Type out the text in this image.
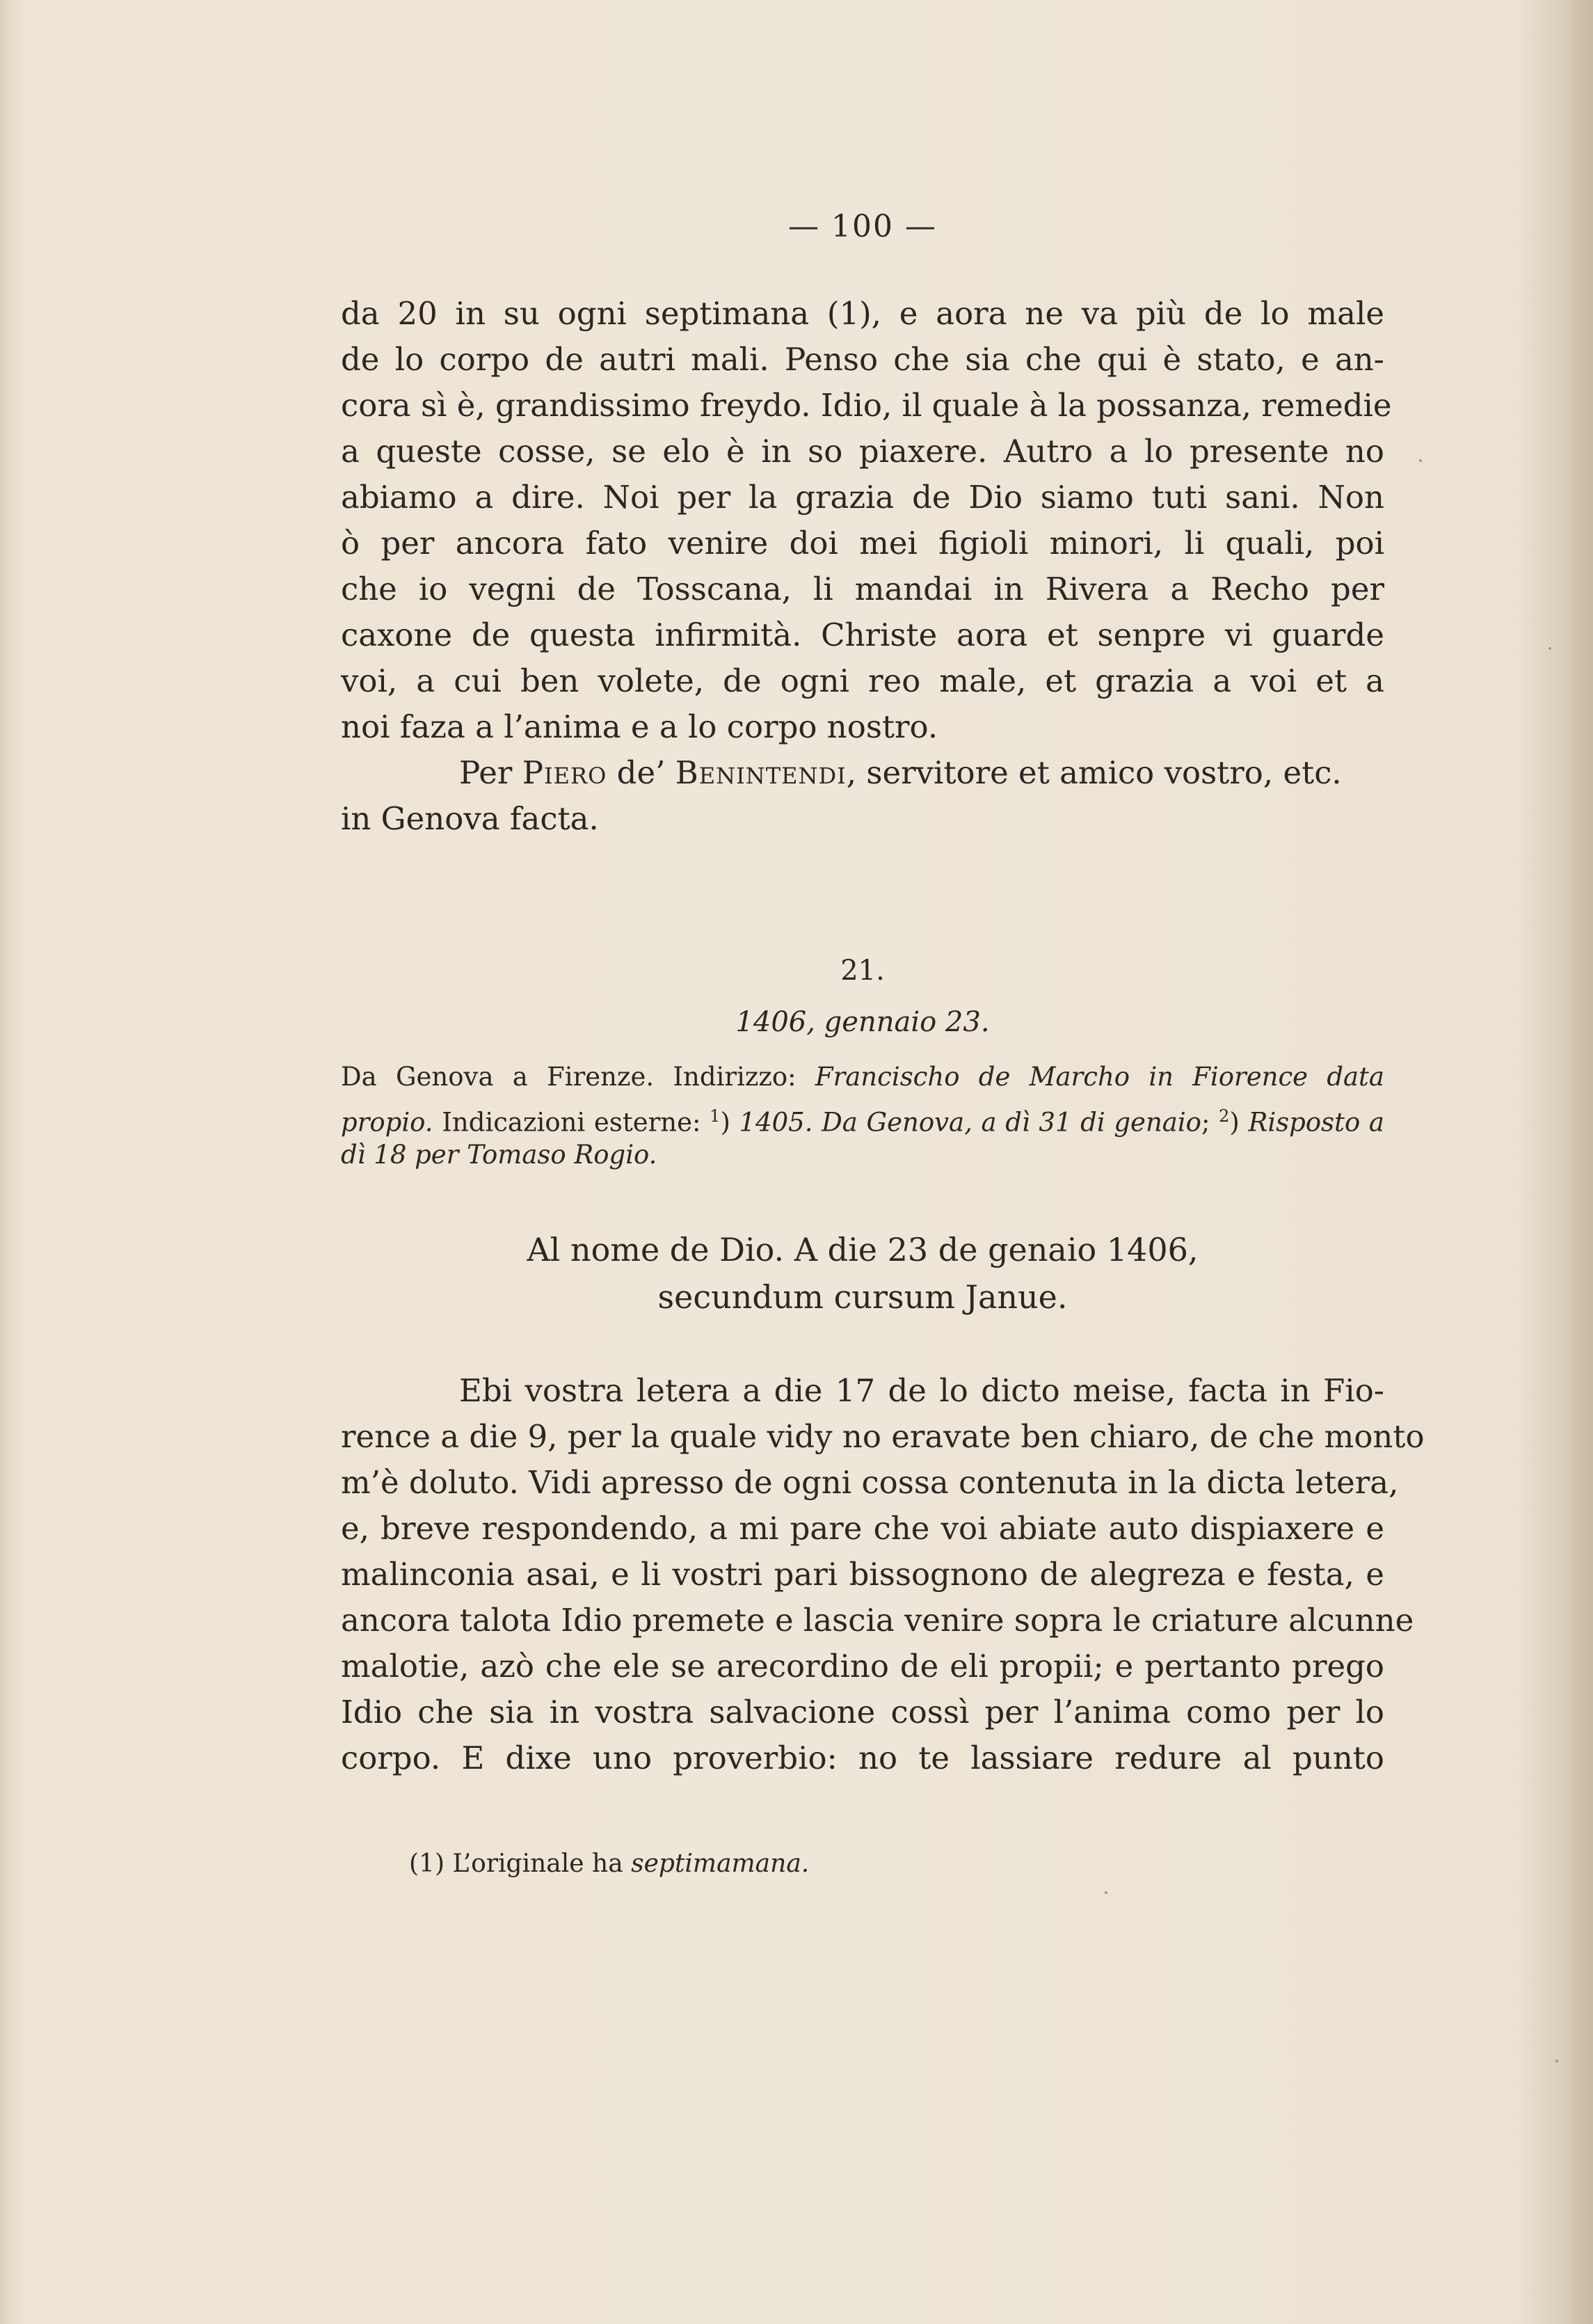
— 100 —
da 20 in su ogni septimana (1), e aora ne va più de lo male
de lo corpo de autri mali. Penso che sia che qui è stato, e an-
cora sì è, grandissimo freydo. Idio, il quale à la possanza, remedie
a queste cosse, se elo è in so piaxere. Autro a lo presente no
abiamo a dire. Noi per la grazia de Dio siamo tuti sani. Non
ò per ancora fato venire doi mei figioli minori, li quali, poi
che io vegni de Tosscana, li mandai in Rivera a Recho per
caxone de questa infirmità. Christe aora et senpre vi guarde
voi, a cui ben volete, de ogni reo male, et grazia a voi et a
noi faza a l’anima e a lo corpo nostro.
Per Piero de’ Benintendi, servitore et amico vostro, etc.
in Genova facta.
21.
1406, gennaio 23.
Da Genova a Firenze. Indirizzo: Francischo de Marcho in Fiorence data
propio. Indicazioni esterne: $^1$) 1405. Da Genova, a dì 31 di genaio; $^2$) Risposto a
dì 18 per Tomaso Rogio.
Al nome de Dio. A die 23 de genaio 1406,
secundum cursum Janue.
Ebi vostra letera a die 17 de lo dicto meise, facta in Fio-
rence a die 9, per la quale vidy no eravate ben chiaro, de che monto
m’è doluto. Vidi apresso de ogni cossa contenuta in la dicta letera,
e, breve respondendo, a mi pare che voi abiate auto dispiaxere e
malinconia asai, e li vostri pari bissognono de alegreza e festa, e
ancora talota Idio premete e lascia venire sopra le criature alcunne
malotie, azò che ele se arecordino de eli propii; e pertanto prego
Idio che sia in vostra salvacione cossì per l’anima como per lo
corpo. E dixe uno proverbio: no te lassiare redure al punto
(1) L’originale ha septimamana.
